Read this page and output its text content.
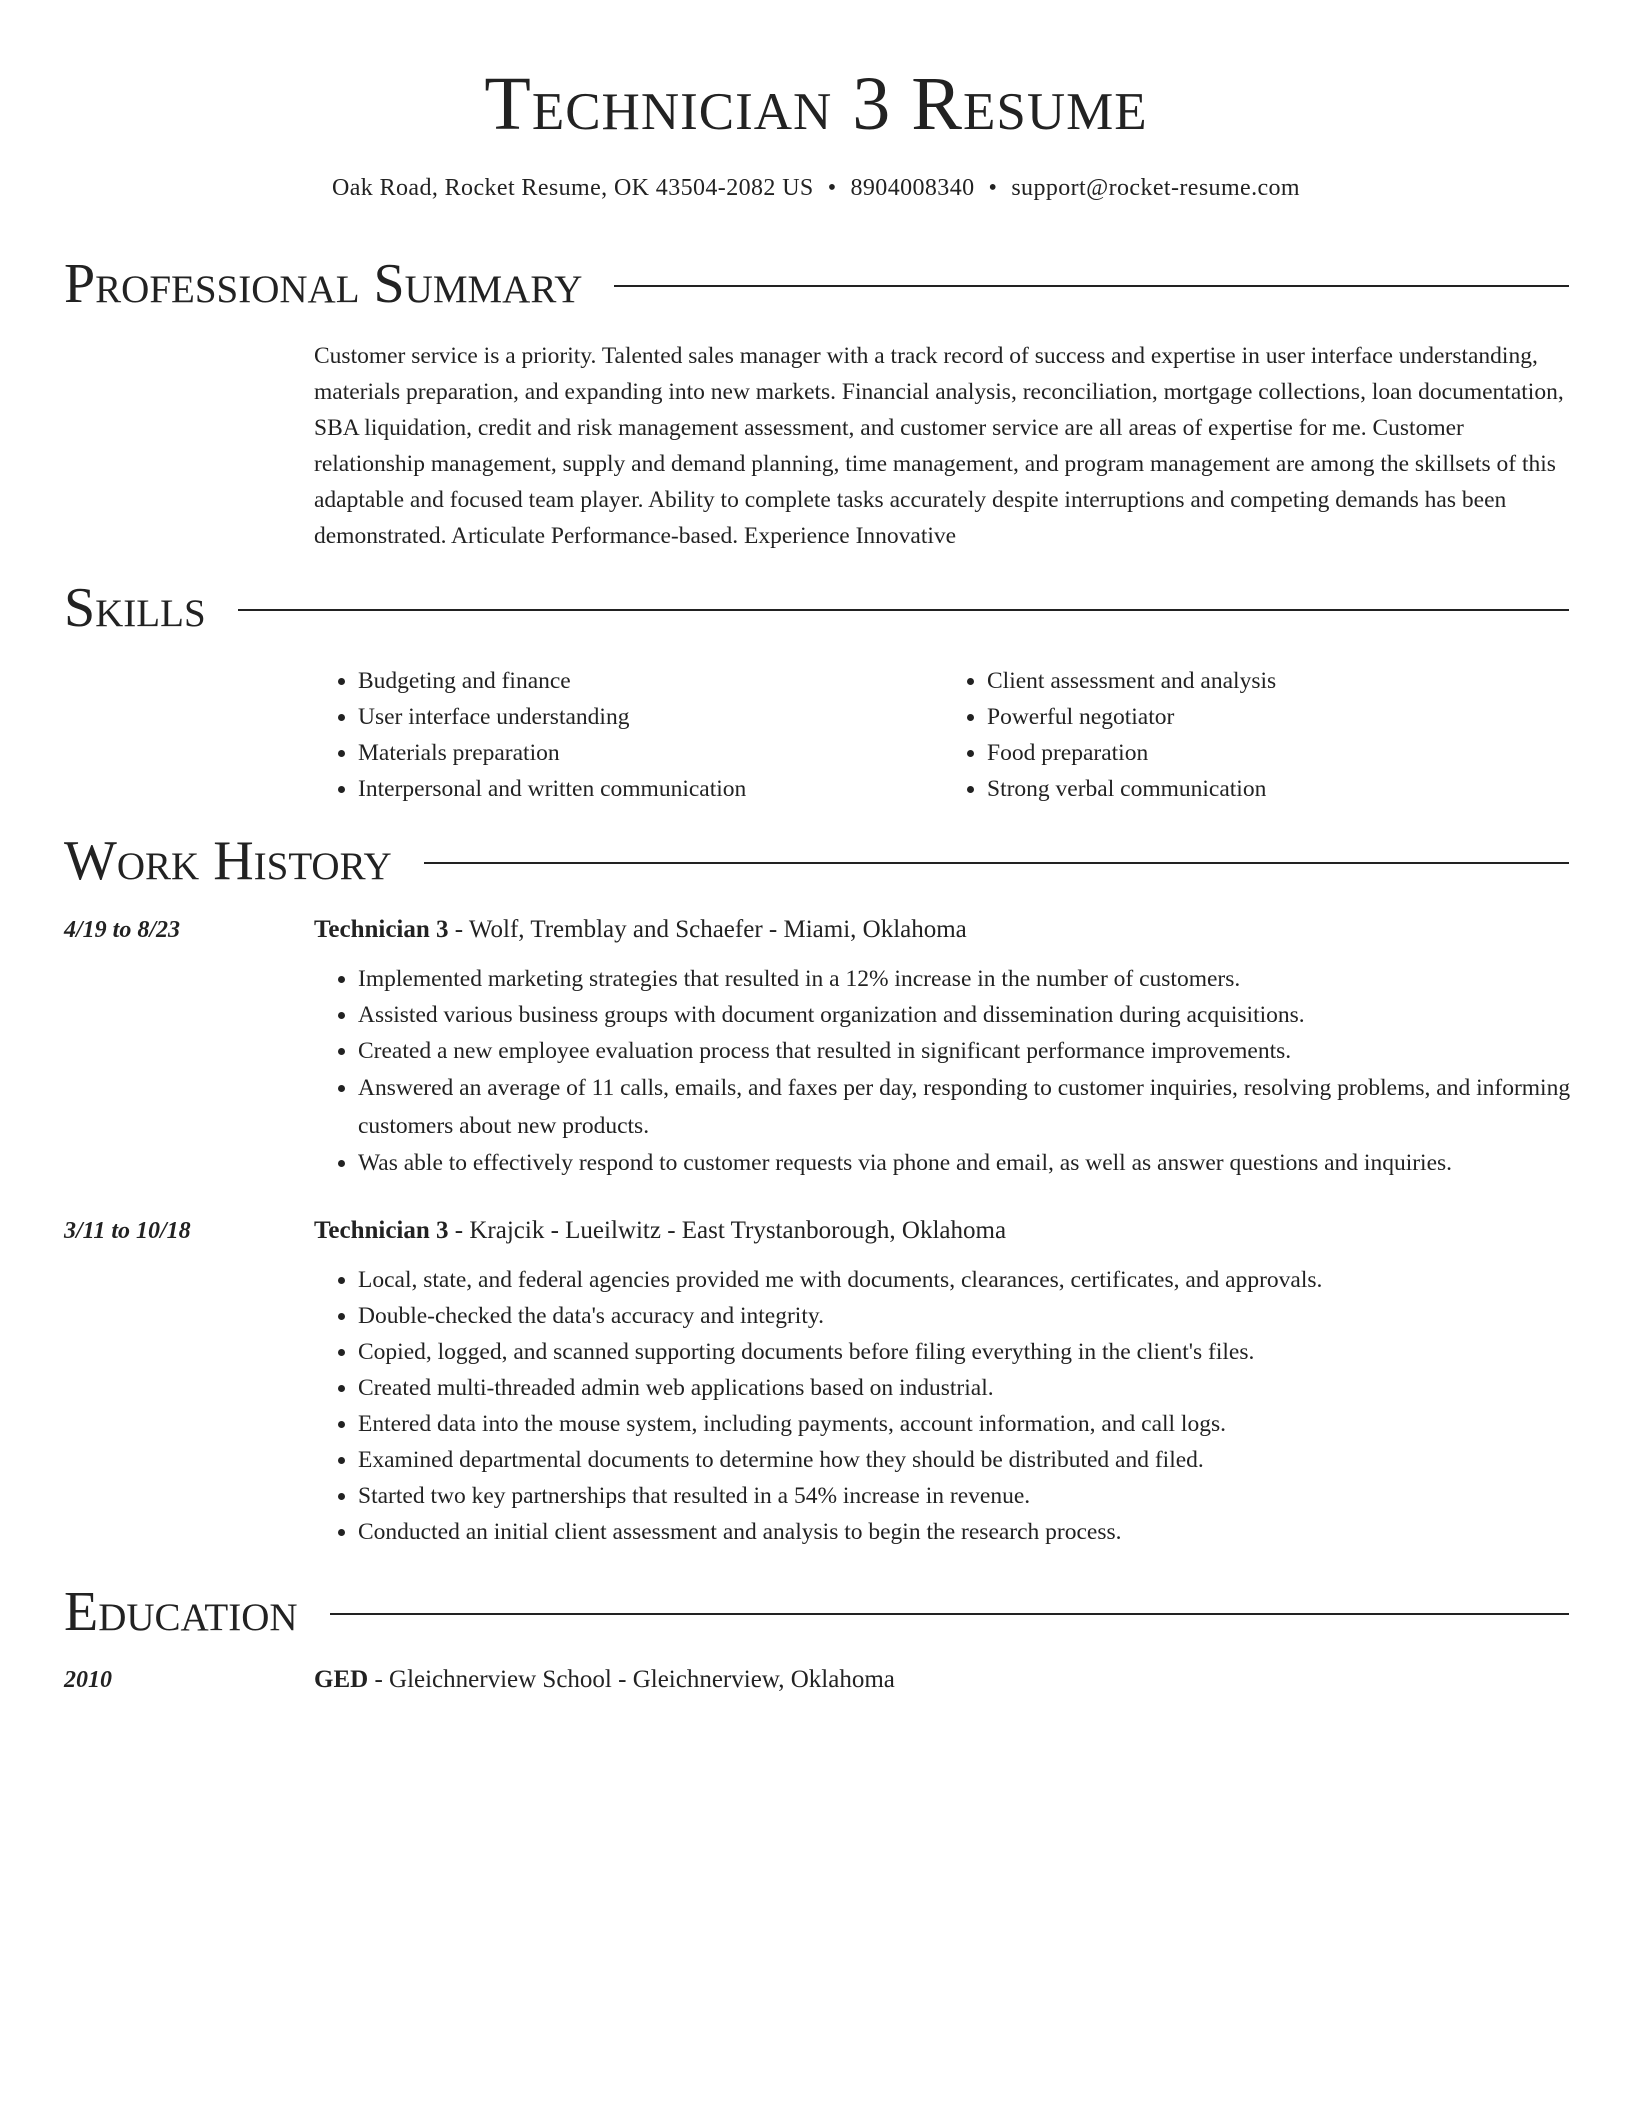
Technician 3 Resume
Oak Road, Rocket Resume, OK 43504-2082 US • 8904008340 • support@rocket-resume.com
Professional Summary

Customer service is a priority. Talented sales manager with a track record of success and expertise in user interface understanding, materials preparation, and expanding into new markets. Financial analysis, reconciliation, mortgage collections, loan documentation, SBA liquidation, credit and risk management assessment, and customer service are all areas of expertise for me. Customer relationship management, supply and demand planning, time management, and program management are among the skillsets of this adaptable and focused team player. Ability to complete tasks accurately despite interruptions and competing demands has been demonstrated. Articulate Performance-based. Experience Innovative

Skills
• Budgeting and finance
• User interface understanding
• Materials preparation
• Interpersonal and written communication
• Client assessment and analysis
• Powerful negotiator
• Food preparation
• Strong verbal communication
Work History
4/19 to 8/23	Technician 3 - Wolf, Tremblay and Schaefer - Miami, Oklahoma
• Implemented marketing strategies that resulted in a 12% increase in the number of customers.
• Assisted various business groups with document organization and dissemination during acquisitions.
• Created a new employee evaluation process that resulted in significant performance improvements.
• Answered an average of 11 calls, emails, and faxes per day, responding to customer inquiries, resolving problems, and informing customers about new products.
• Was able to effectively respond to customer requests via phone and email, as well as answer questions and inquiries.
3/11 to 10/18	Technician 3 - Krajcik - Lueilwitz - East Trystanborough, Oklahoma
• Local, state, and federal agencies provided me with documents, clearances, certificates, and approvals.
• Double-checked the data's accuracy and integrity.
• Copied, logged, and scanned supporting documents before filing everything in the client's files.
• Created multi-threaded admin web applications based on industrial.
• Entered data into the mouse system, including payments, account information, and call logs.
• Examined departmental documents to determine how they should be distributed and filed.
• Started two key partnerships that resulted in a 54% increase in revenue.
• Conducted an initial client assessment and analysis to begin the research process.
Education
2010	GED - Gleichnerview School - Gleichnerview, Oklahoma
